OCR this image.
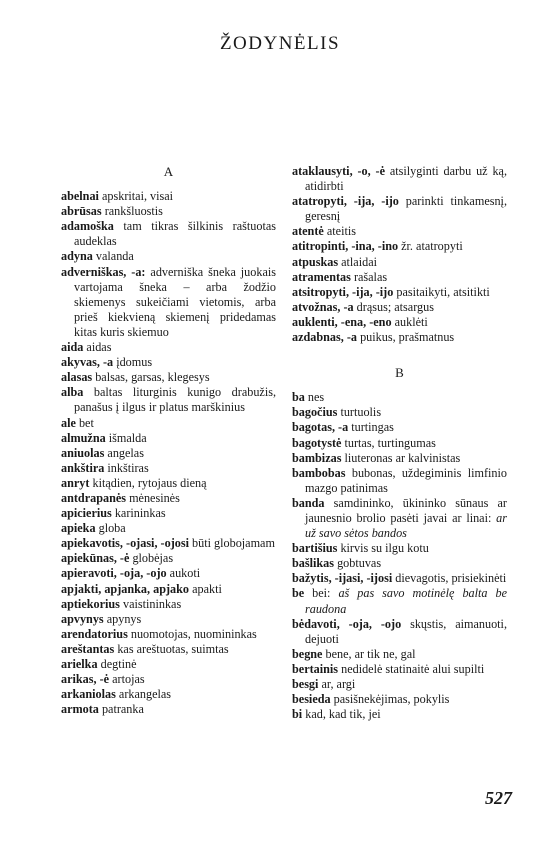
ŽODYNĖLIS
A

abelnai apskritai, visai

abrūsas rankšluostis

adamoška tam tikras šilkinis raštuotas audeklas

adyna valanda

adverniškas, -a: adverniška šneka juokais vartojama šneka – arba žodžio skiemenys sukeičiami vietomis, arba prieš kiekvieną skiemenį pridedamas kitas kuris skiemuo

aida aidas

akyvas, -a įdomus

alasas balsas, garsas, klegesys

alba baltas liturginis kunigo drabužis, panašus į ilgus ir platus marškinius

ale bet

almužna išmalda

aniuolas angelas

ankštira inkštiras

anryt kitądien, rytojaus dieną

antdrapanės mėnesinės

apicierius karininkas

apieka globa

apiekavotis, -ojasi, -ojosi būti globojamam

apiekūnas, -ė globėjas

apieravoti, -oja, -ojo aukoti

apjakti, apjanka, apjako apakti

aptiekorius vaistininkas

apvynys apynys

arendatorius nuomotojas, nuomininkas

areštantas kas areštuotas, suimtas

arielka degtinė

arikas, -ė artojas

arkaniolas arkangelas

armota patranka

ataklausyti, -o, -ė atsilyginti darbu už ką, atidirbti

atatropyti, -ija, -ijo parinkti tinkamesnį, geresnį

atentė ateitis

atitropinti, -ina, -ino žr. atatropyti

atpuskas atlaidai

atramentas rašalas

atsitropyti, -ija, -ijo pasitaikyti, atsitikti

atvožnas, -a drąsus; atsargus

auklenti, -ena, -eno auklėti

azdabnas, -a puikus, prašmatnus

B

ba nes

bagočius turtuolis

bagotas, -a turtingas

bagotystė turtas, turtingumas

bambizas liuteronas ar kalvinistas

bambobas bubonas, uždegiminis limfinio mazgo patinimas

banda samdininko, ūkininko sūnaus ar jaunesnio brolio pasėti javai ar linai: ar už savo sėtos bandos

bartišius kirvis su ilgu kotu

bašlikas gobtuvas

bažytis, -ijasi, -ijosi dievagotis, prisiekinėti

be bei: aš pas savo motinėlę balta be raudona

bėdavoti, -oja, -ojo skųstis, aimanuoti, dejuoti

begne bene, ar tik ne, gal

bertainis nedidelė statinaitė alui supilti

besgi ar, argi

besieda pasišnekėjimas, pokylis

bi kad, kad tik, jei

527
